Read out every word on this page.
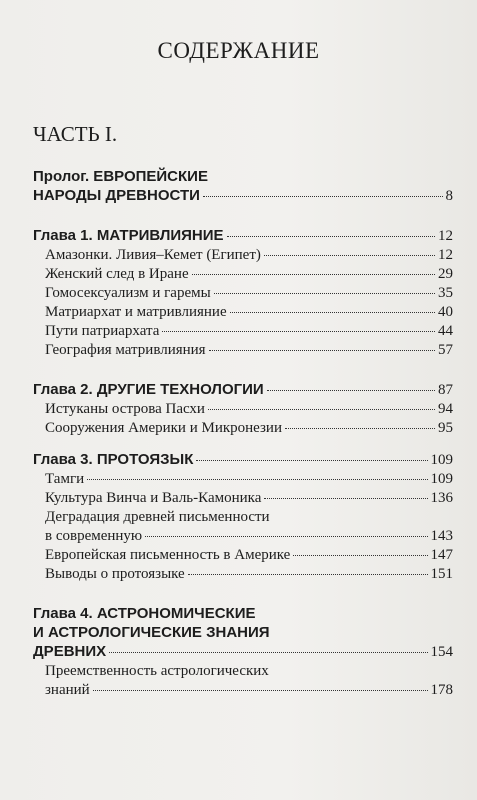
СОДЕРЖАНИЕ
ЧАСТЬ I.
Пролог. ЕВРОПЕЙСКИЕ
НАРОДЫ ДРЕВНОСТИ	8
Глава 1. МАТРИВЛИЯНИЕ	12
Амазонки. Ливия–Кемет (Египет)	12
Женский след в Иране	29
Гомосексуализм и гаремы	35
Матриархат и матривлияние	40
Пути патриархата	44
География матривлияния	57
Глава 2. ДРУГИЕ ТЕХНОЛОГИИ	87
Истуканы острова Пасхи	94
Сооружения Америки и Микронезии	95
Глава 3. ПРОТОЯЗЫК	109
Тамги	109
Культура Винча и Валь-Камоника	136
Деградация древней письменности
в современную	143
Европейская письменность в Америке	147
Выводы о протоязыке	151
Глава 4. АСТРОНОМИЧЕСКИЕ
И АСТРОЛОГИЧЕСКИЕ ЗНАНИЯ
ДРЕВНИХ	154
Преемственность астрологических
знаний	178
